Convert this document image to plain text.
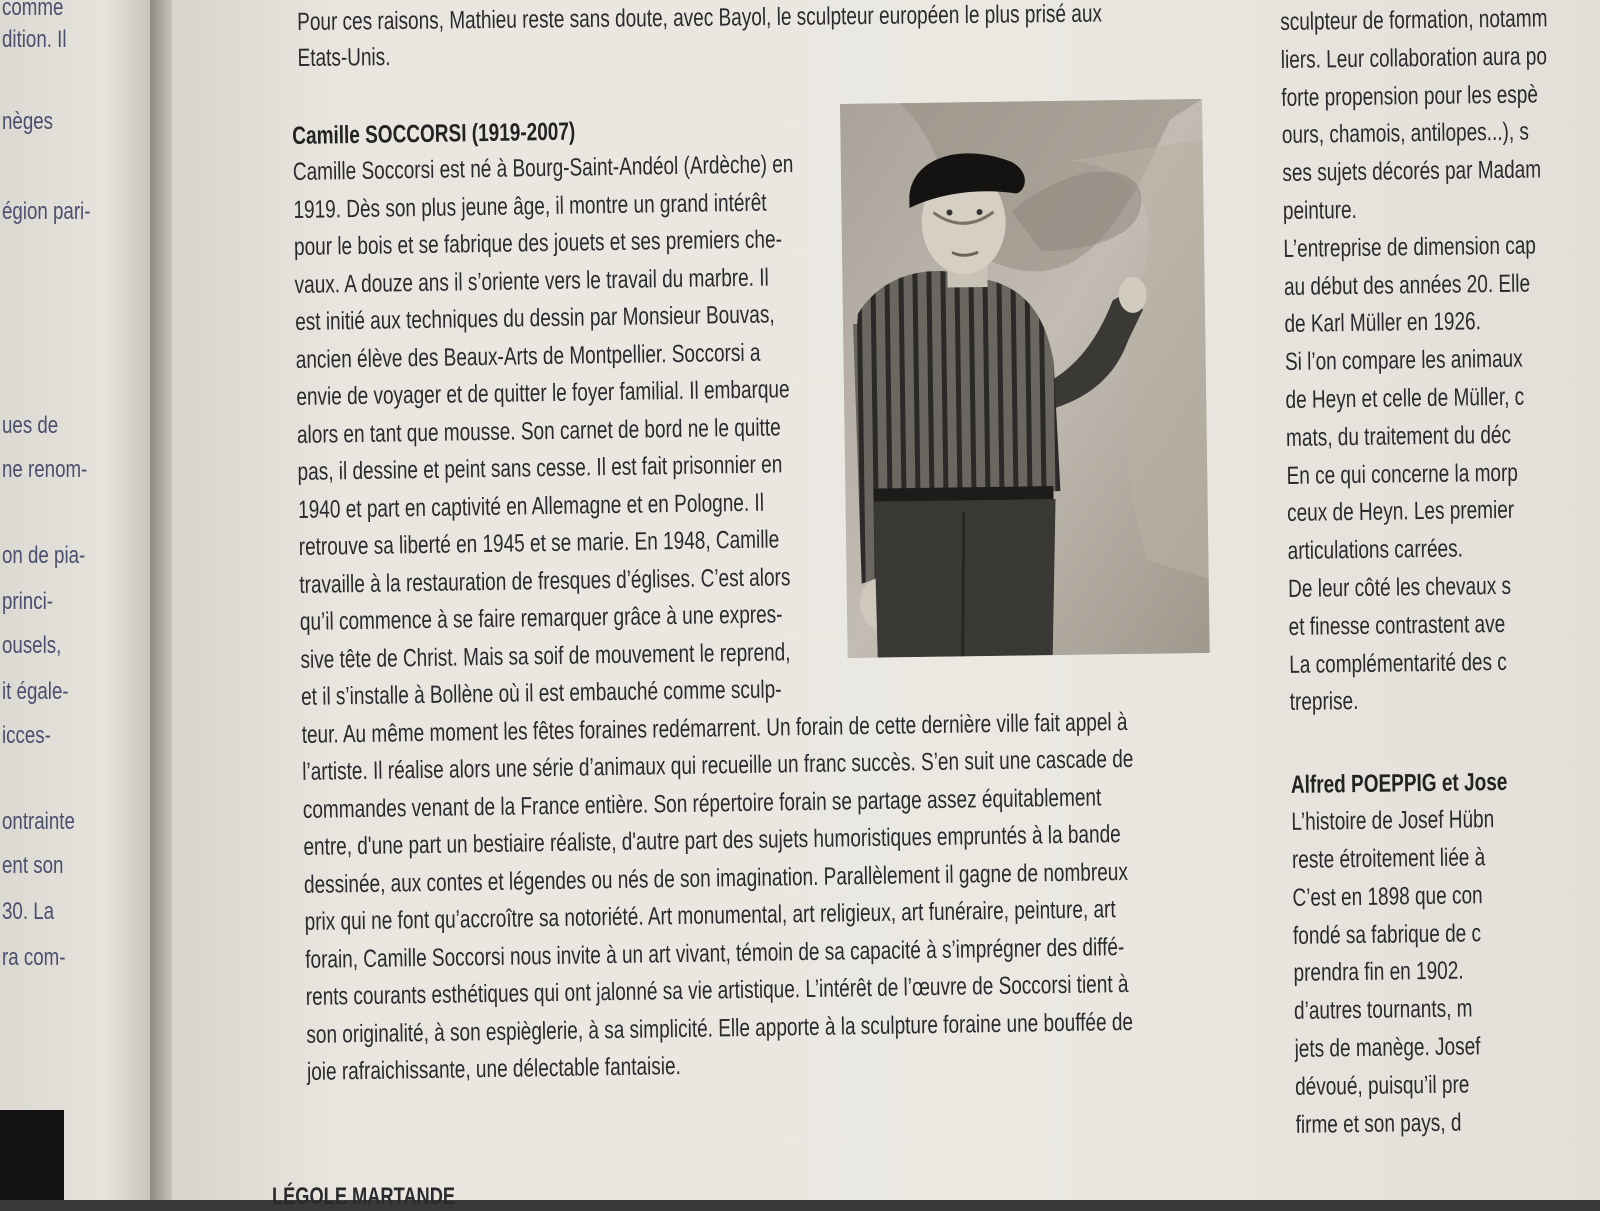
comme

dition. Il

nèges

égion pari-

ues de

ne renom-

on de pia-

princi-

ousels,

it égale-

icces-

ontrainte

ent son

30. La

ra com-

Pour ces raisons, Mathieu reste sans doute, avec Bayol, le sculpteur européen le plus prisé aux

Etats-Unis.

Camille SOCCORSI (1919-2007)

Camille Soccorsi est né à Bourg-Saint-Andéol (Ardèche) en

1919. Dès son plus jeune âge, il montre un grand intérêt

pour le bois et se fabrique des jouets et ses premiers che-

vaux. A douze ans il s’oriente vers le travail du marbre. Il

est initié aux techniques du dessin par Monsieur Bouvas,

ancien élève des Beaux-Arts de Montpellier. Soccorsi a

envie de voyager et de quitter le foyer familial. Il embarque

alors en tant que mousse. Son carnet de bord ne le quitte

pas, il dessine et peint sans cesse. Il est fait prisonnier en

1940 et part en captivité en Allemagne et en Pologne. Il

retrouve sa liberté en 1945 et se marie. En 1948, Camille

travaille à la restauration de fresques d’églises. C’est alors

qu’il commence à se faire remarquer grâce à une expres-

sive tête de Christ. Mais sa soif de mouvement le reprend,

et il s’installe à Bollène où il est embauché comme sculp-

teur. Au même moment les fêtes foraines redémarrent. Un forain de cette dernière ville fait appel à

l’artiste. Il réalise alors une série d’animaux qui recueille un franc succès. S’en suit une cascade de

commandes venant de la France entière. Son répertoire forain se partage assez équitablement

entre, d'une part un bestiaire réaliste, d'autre part des sujets humoristiques empruntés à la bande

dessinée, aux contes et légendes ou nés de son imagination. Parallèlement il gagne de nombreux

prix qui ne font qu’accroître sa notoriété. Art monumental, art religieux, art funéraire, peinture, art

forain, Camille Soccorsi nous invite à un art vivant, témoin de sa capacité à s’imprégner des diffé-

rents courants esthétiques qui ont jalonné sa vie artistique. L’intérêt de l’œuvre de Soccorsi tient à

son originalité, à son espièglerie, à sa simplicité. Elle apporte à la sculpture foraine une bouffée de

joie rafraichissante, une délectable fantaisie.

sculpteur de formation, notamm

liers. Leur collaboration aura po

forte propension pour les espè

ours, chamois, antilopes...), s

ses sujets décorés par Madam

peinture.

L’entreprise de dimension cap

au début des années 20. Elle

de Karl Müller en 1926.

Si l’on compare les animaux

de Heyn et celle de Müller, c

mats, du traitement du déc

En ce qui concerne la morp

ceux de Heyn. Les premier

articulations carrées.

De leur côté les chevaux s

et finesse contrastent ave

La complémentarité des c

treprise.

Alfred POEPPIG et Jose

L’histoire de Josef Hübn

reste étroitement liée à

C’est en 1898 que con

fondé sa fabrique de c

prendra fin en 1902.

d’autres tournants, m

jets de manège. Josef

dévoué, puisqu’il pre

firme et son pays, d

LÉGOLE MARTANDE
